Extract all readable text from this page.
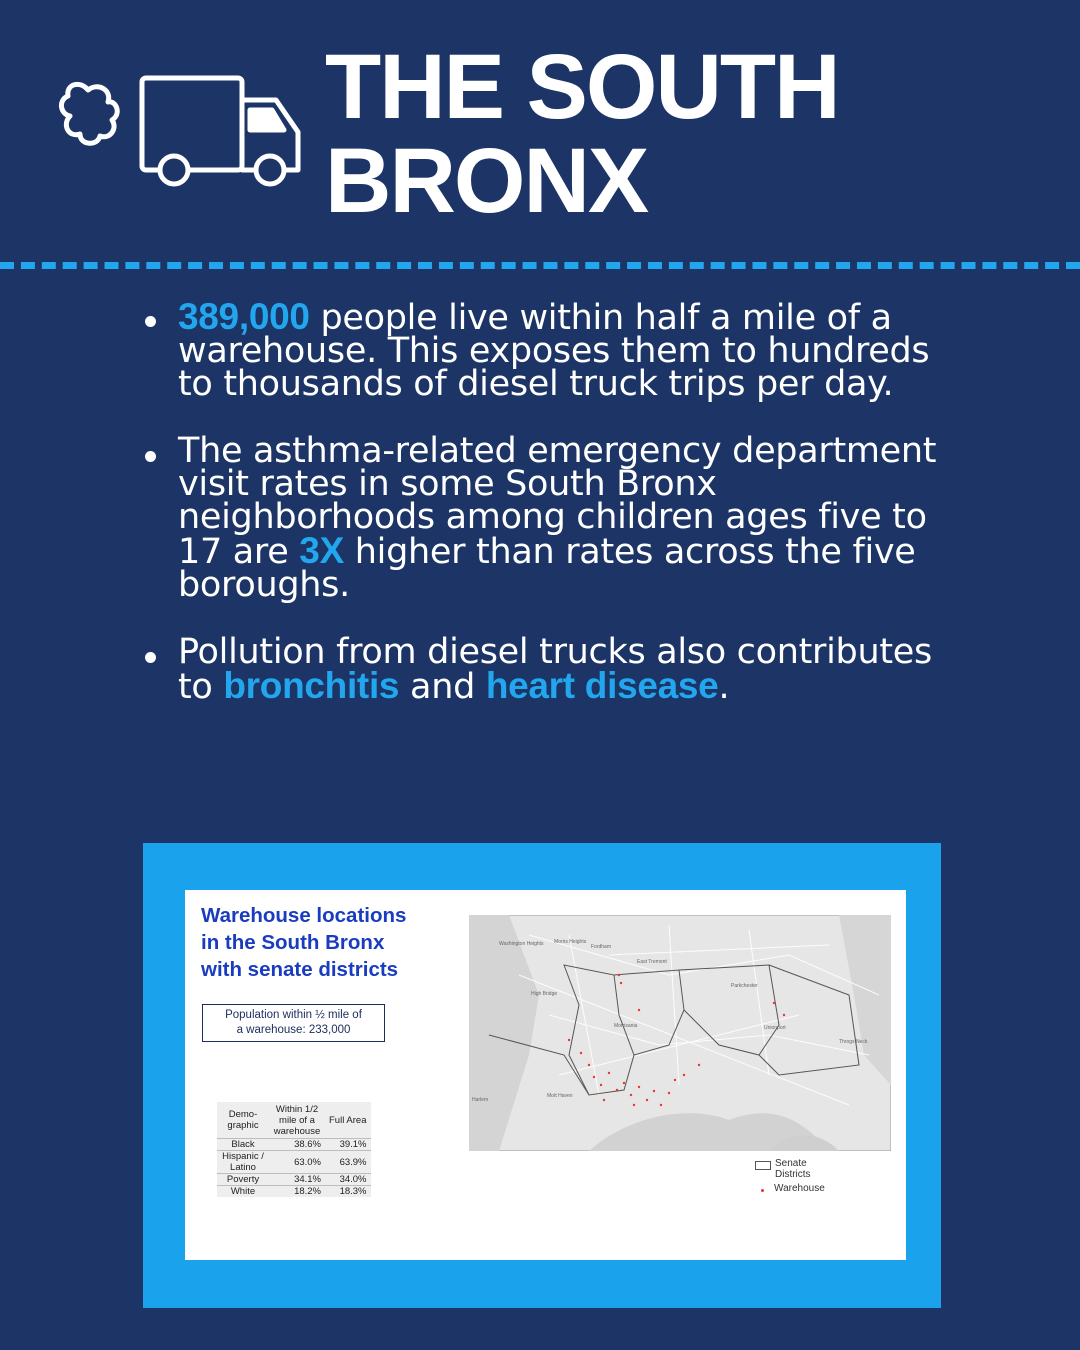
THE SOUTH
BRONX
389,000 people live within half a mile of a warehouse. This exposes them to hundreds to thousands of diesel truck trips per day.
The asthma-related emergency department visit rates in some South Bronx neighborhoods among children ages five to 17 are 3X higher than rates across the five boroughs.
Pollution from diesel trucks also contributes to bronchitis and heart disease.
Warehouse locations
in the South Bronx
with senate districts
Population within ½ mile of
a warehouse: 233,000
Demo-graphic	Within 1/2 mile of a warehouse	Full Area
Black	38.6%	39.1%
Hispanic / Latino	63.0%	63.9%
Poverty	34.1%	34.0%
White	18.2%	18.3%
Washington Heights Morris Heights
Fordham
East Tremont
High Bridge
Parkchester
Morrisania	Unionport
Throgs Neck
Harlem
Mott Haven
Senate
Districts
Warehouse
